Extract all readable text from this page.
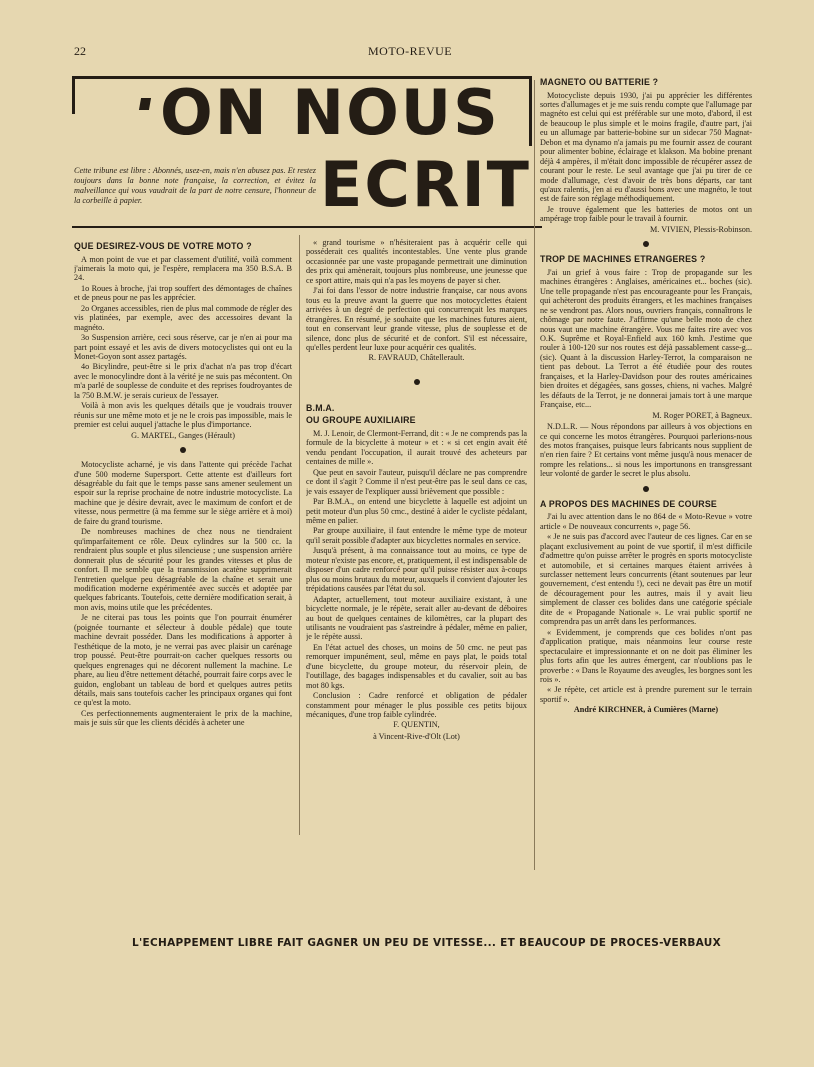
22	MOTO-REVUE
ON NOUS
ECRIT
Cette tribune est libre : Abonnés, usez-en, mais n'en abusez pas. Et restez toujours dans la bonne note française, la correction, et évitez la malveillance qui vous vaudrait de la part de notre censure, l'honneur de la corbeille à papier.
QUE DESIREZ-VOUS DE VOTRE MOTO ?

A mon point de vue et par classement d'utilité, voilà comment j'aimerais la moto qui, je l'espère, remplacera ma 350 B.S.A. B 24.

1o Roues à broche, j'ai trop souffert des démontages de chaînes et de pneus pour ne pas les apprécier.

2o Organes accessibles, rien de plus mal commode de régler des vis platinées, par exemple, avec des accessoires devant la magnéto.

3o Suspension arrière, ceci sous réserve, car je n'en ai pour ma part point essayé et les avis de divers motocyclistes qui ont eu la Monet-Goyon sont assez partagés.

4o Bicylindre, peut-être si le prix d'achat n'a pas trop d'écart avec le monocylindre dont à la vérité je ne suis pas mécontent. On m'a parlé de souplesse de conduite et des reprises foudroyantes de la 750 B.M.W. je serais curieux de l'essayer.

Voilà à mon avis les quelques détails que je voudrais trouver réunis sur une même moto et je ne le crois pas impossible, mais le premier est celui auquel j'attache le plus d'importance.

G. MARTEL, Ganges (Hérault)

Motocycliste acharné, je vis dans l'attente qui précède l'achat d'une 500 moderne Supersport. Cette attente est d'ailleurs fort désagréable du fait que le temps passe sans amener seulement un espoir sur la reprise prochaine de notre industrie motocycliste. La machine que je désire devrait, avec le maximum de confort et de vitesse, nous permettre (à ma femme sur le siège arrière et à moi) de faire du grand tourisme.

De nombreuses machines de chez nous ne tiendraient qu'imparfaitement ce rôle. Deux cylindres sur la 500 cc. la rendraient plus souple et plus silencieuse ; une suspension arrière donnerait plus de sécurité pour les grandes vitesses et plus de confort. Il me semble que la transmission acatène supprimerait l'entretien quelque peu désagréable de la chaîne et serait une modification moderne expérimentée avec succès et adoptée par quelques fabricants. Toutefois, cette dernière modification serait, à mon avis, moins utile que les précédentes.

Je ne citerai pas tous les points que l'on pourrait énumérer (poignée tournante et sélecteur à double pédale) que toute machine devrait posséder. Dans les modifications à apporter à l'esthétique de la moto, je ne verrai pas avec plaisir un carénage trop poussé. Peut-être pourrait-on cacher quelques ressorts ou quelques engrenages qui ne décorent nullement la machine. Le phare, au lieu d'être nettement détaché, pourrait faire corps avec le guidon, englobant un tableau de bord et quelques autres petits détails, mais sans toutefois cacher les principaux organes qui font ce qu'est la moto.

Ces perfectionnements augmenteraient le prix de la machine, mais je suis sûr que les clients décidés à acheter une

« grand tourisme » n'hésiteraient pas à acquérir celle qui posséderait ces qualités incontestables. Une vente plus grande occasionnée par une vaste propagande permettrait une diminution des prix qui amènerait, toujours plus nombreuse, une jeunesse que ce sport attire, mais qui n'a pas les moyens de payer si cher.

J'ai foi dans l'essor de notre industrie française, car nous avons tous eu la preuve avant la guerre que nos motocyclettes étaient arrivées à un degré de perfection qui concurrençait les marques étrangères. En résumé, je souhaite que les machines futures aient, tout en conservant leur grande vitesse, plus de souplesse et de silence, donc plus de sécurité et de confort. S'il est nécessaire, qu'elles perdent leur luxe pour acquérir ces qualités.

R. FAVRAUD, Châtellerault.

B.M.A.
OU GROUPE AUXILIAIRE

M. J. Lenoir, de Clermont-Ferrand, dit : « Je ne comprends pas la formule de la bicyclette à moteur » et : « si cet engin avait été vendu pendant l'occupation, il aurait trouvé des acheteurs par centaines de mille ».

Que peut en savoir l'auteur, puisqu'il déclare ne pas comprendre ce dont il s'agit ? Comme il n'est peut-être pas le seul dans ce cas, je vais essayer de l'expliquer aussi brièvement que possible :

Par B.M.A., on entend une bicyclette à laquelle est adjoint un petit moteur d'un plus 50 cmc., destiné à aider le cycliste pédalant, même en palier.

Par groupe auxiliaire, il faut entendre le même type de moteur qu'il serait possible d'adapter aux bicyclettes normales en service.

Jusqu'à présent, à ma connaissance tout au moins, ce type de moteur n'existe pas encore, et, pratiquement, il est indispensable de disposer d'un cadre renforcé pour qu'il puisse résister aux à-coups plus ou moins brutaux du moteur, auxquels il convient d'ajouter les trépidations causées par l'état du sol.

Adapter, actuellement, tout moteur auxiliaire existant, à une bicyclette normale, je le répète, serait aller au-devant de déboires au bout de quelques centaines de kilomètres, car la plupart des utilisants ne voudraient pas s'astreindre à pédaler, même en palier, je le répète aussi.

En l'état actuel des choses, un moins de 50 cmc. ne peut pas remorquer impunément, seul, même en pays plat, le poids total d'une bicyclette, du groupe moteur, du réservoir plein, de l'outillage, des bagages indispensables et du cavalier, soit au bas mot 80 kgs.

Conclusion : Cadre renforcé et obligation de pédaler constamment pour ménager le plus possible ces petits bijoux mécaniques, d'une trop faible cylindrée.

F. QUENTIN,

à Vincent-Rive-d'Olt (Lot)

MAGNETO OU BATTERIE ?

Motocycliste depuis 1930, j'ai pu apprécier les différentes sortes d'allumages et je me suis rendu compte que l'allumage par magnéto est celui qui est préférable sur une moto, d'abord, il est de beaucoup le plus simple et le moins fragile, d'autre part, j'ai eu un allumage par batterie-bobine sur un sidecar 750 Magnat-Debon et ma dynamo n'a jamais pu me fournir assez de courant pour alimenter bobine, éclairage et klakson. Ma bobine prenant déjà 4 ampères, il m'était donc impossible de récupérer assez de courant pour le reste. Le seul avantage que j'ai pu tirer de ce mode d'allumage, c'est d'avoir de très bons départs, car tant qu'aux ralentis, j'en ai eu d'aussi bons avec une magnéto, le tout est de faire son réglage méthodiquement.

Je trouve également que les batteries de motos ont un ampérage trop faible pour le travail à fournir.

M. VIVIEN, Plessis-Robinson.

TROP DE MACHINES ETRANGERES ?

J'ai un grief à vous faire : Trop de propagande sur les machines étrangères : Anglaises, américaines et... boches (sic). Une telle propagande n'est pas encourageante pour les Français, qui achèteront des produits étrangers, et les machines françaises ne se vendront pas. Alors nous, ouvriers français, connaîtrons le chômage par notre faute. J'affirme qu'une belle moto de chez nous vaut une machine étrangère. Vous me faites rire avec vos O.K. Suprême et Royal-Enfield aux 160 kmh. J'estime que rouler à 100-120 sur nos routes est déjà passablement casse-g... (sic). Quant à la discussion Harley-Terrot, la comparaison ne tient pas debout. La Terrot a été étudiée pour des routes françaises, et la Harley-Davidson pour des routes américaines bien droites et dégagées, sans gosses, chiens, ni vaches. Malgré les défauts de la Terrot, je ne donnerai jamais tort à une marque Française, etc...

M. Roger PORET, à Bagneux.

N.D.L.R. — Nous répondons par ailleurs à vos objections en ce qui concerne les motos étrangères. Pourquoi parlerions-nous des motos françaises, puisque leurs fabricants nous supplient de n'en rien faire ? Et certains vont même jusqu'à nous menacer de rompre les relations... si nous les importunons en transgressant leur volonté de garder le secret le plus absolu.

A PROPOS DES MACHINES DE COURSE

J'ai lu avec attention dans le no 864 de « Moto-Revue » votre article « De nouveaux concurrents », page 56.

« Je ne suis pas d'accord avec l'auteur de ces lignes. Car en se plaçant exclusivement au point de vue sportif, il m'est difficile d'admettre qu'on puisse arrêter le progrès en sports motocycliste et automobile, et si certaines marques étaient arrivées à surclasser nettement leurs concurrents (étant soutenues par leur gouvernement, c'est entendu !), ceci ne devait pas être un motif de découragement pour les autres, mais il y avait lieu simplement de classer ces bolides dans une catégorie spéciale dite de « Propagande Nationale ». Le vrai public sportif ne comprendra pas un arrêt dans les performances.

« Evidemment, je comprends que ces bolides n'ont pas d'application pratique, mais néanmoins leur course reste spectaculaire et impressionnante et on ne doit pas éliminer les plus forts afin que les autres émergent, car n'oublions pas le proverbe : « Dans le Royaume des aveugles, les borgnes sont les rois ».

« Je répète, cet article est à prendre purement sur le terrain sportif ».

André KIRCHNER, à Cumières (Marne)

L'ECHAPPEMENT LIBRE FAIT GAGNER UN PEU DE VITESSE... ET BEAUCOUP DE PROCES-VERBAUX
